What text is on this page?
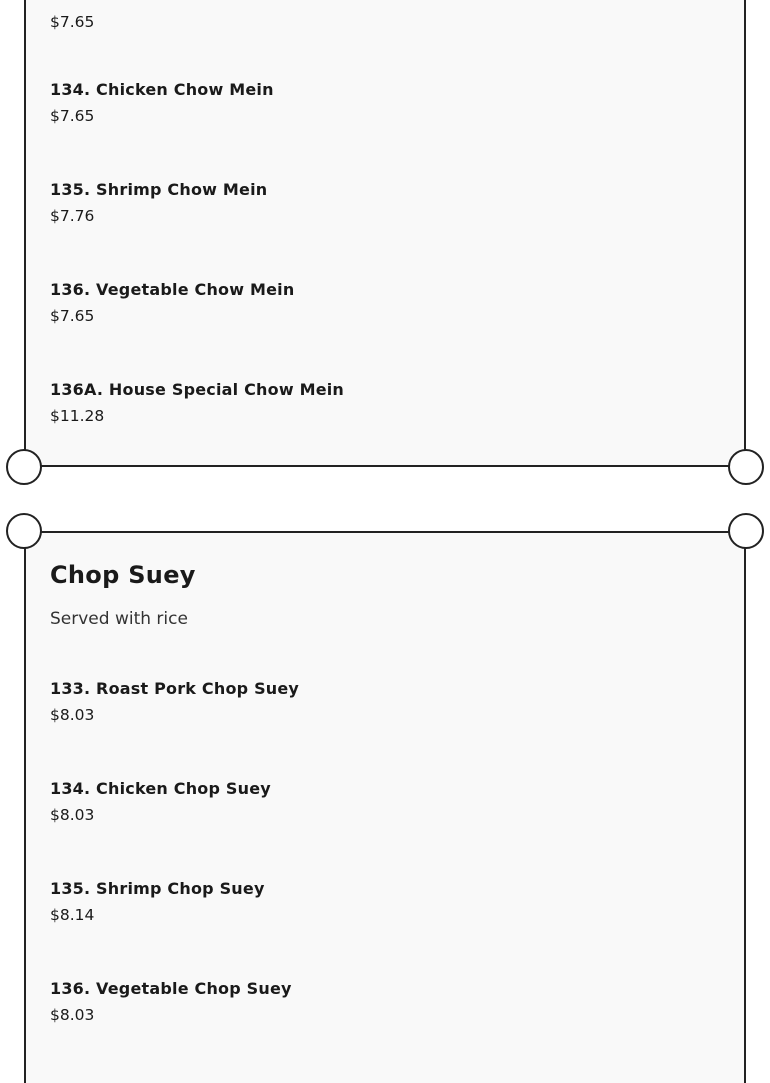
$7.65
134. Chicken Chow Mein
$7.65
135. Shrimp Chow Mein
$7.76
136. Vegetable Chow Mein
$7.65
136A. House Special Chow Mein
$11.28
Chop Suey

Served with rice

133. Roast Pork Chop Suey
$8.03
134. Chicken Chop Suey
$8.03
135. Shrimp Chop Suey
$8.14
136. Vegetable Chop Suey
$8.03
